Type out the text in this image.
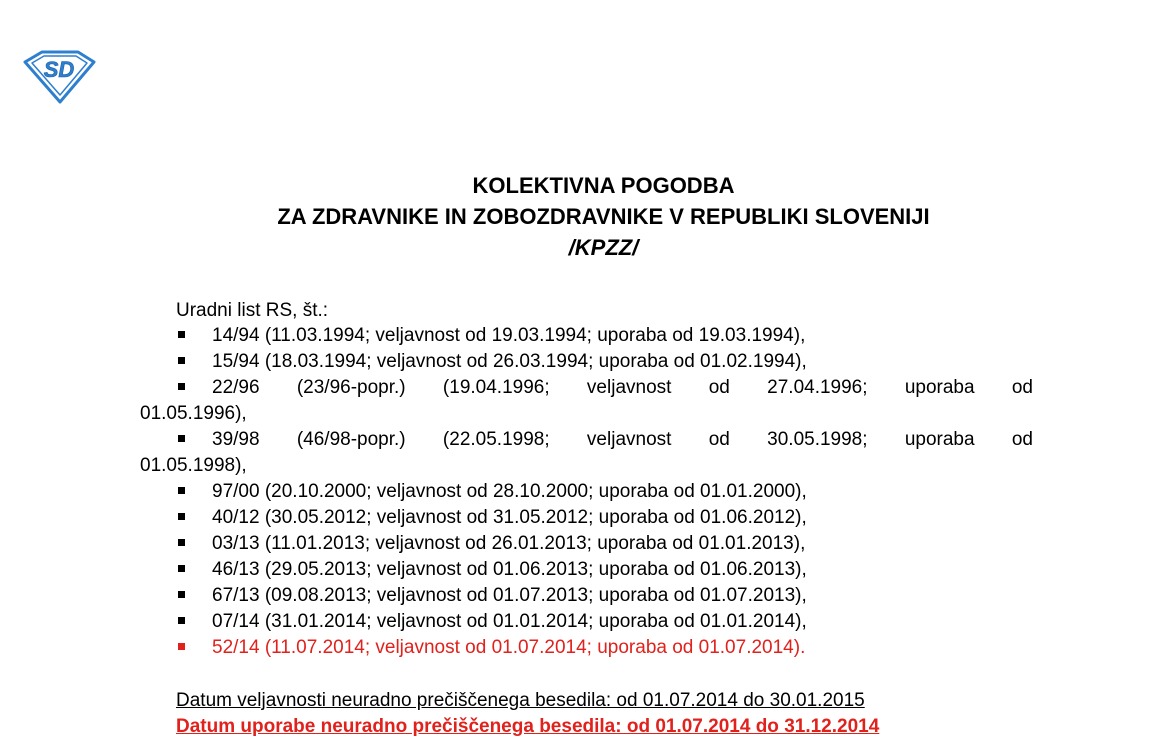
SD
KOLEKTIVNA POGODBA
ZA ZDRAVNIKE IN ZOBOZDRAVNIKE V REPUBLIKI SLOVENIJI
/KPZZ/
Uradni list RS, št.:
14/94 (11.03.1994; veljavnost od 19.03.1994; uporaba od 19.03.1994),
15/94 (18.03.1994; veljavnost od 26.03.1994; uporaba od 01.02.1994),
22/96 (23/96-popr.) (19.04.1996; veljavnost od 27.04.1996; uporaba od
01.05.1996),
39/98 (46/98-popr.) (22.05.1998; veljavnost od 30.05.1998; uporaba od
01.05.1998),
97/00 (20.10.2000; veljavnost od 28.10.2000; uporaba od 01.01.2000),
40/12 (30.05.2012; veljavnost od 31.05.2012; uporaba od 01.06.2012),
03/13 (11.01.2013; veljavnost od 26.01.2013; uporaba od 01.01.2013),
46/13 (29.05.2013; veljavnost od 01.06.2013; uporaba od 01.06.2013),
67/13 (09.08.2013; veljavnost od 01.07.2013; uporaba od 01.07.2013),
07/14 (31.01.2014; veljavnost od 01.01.2014; uporaba od 01.01.2014),
52/14 (11.07.2014; veljavnost od 01.07.2014; uporaba od 01.07.2014).
Datum veljavnosti neuradno prečiščenega besedila: od 01.07.2014 do 30.01.2015
Datum uporabe neuradno prečiščenega besedila: od 01.07.2014 do 31.12.2014
